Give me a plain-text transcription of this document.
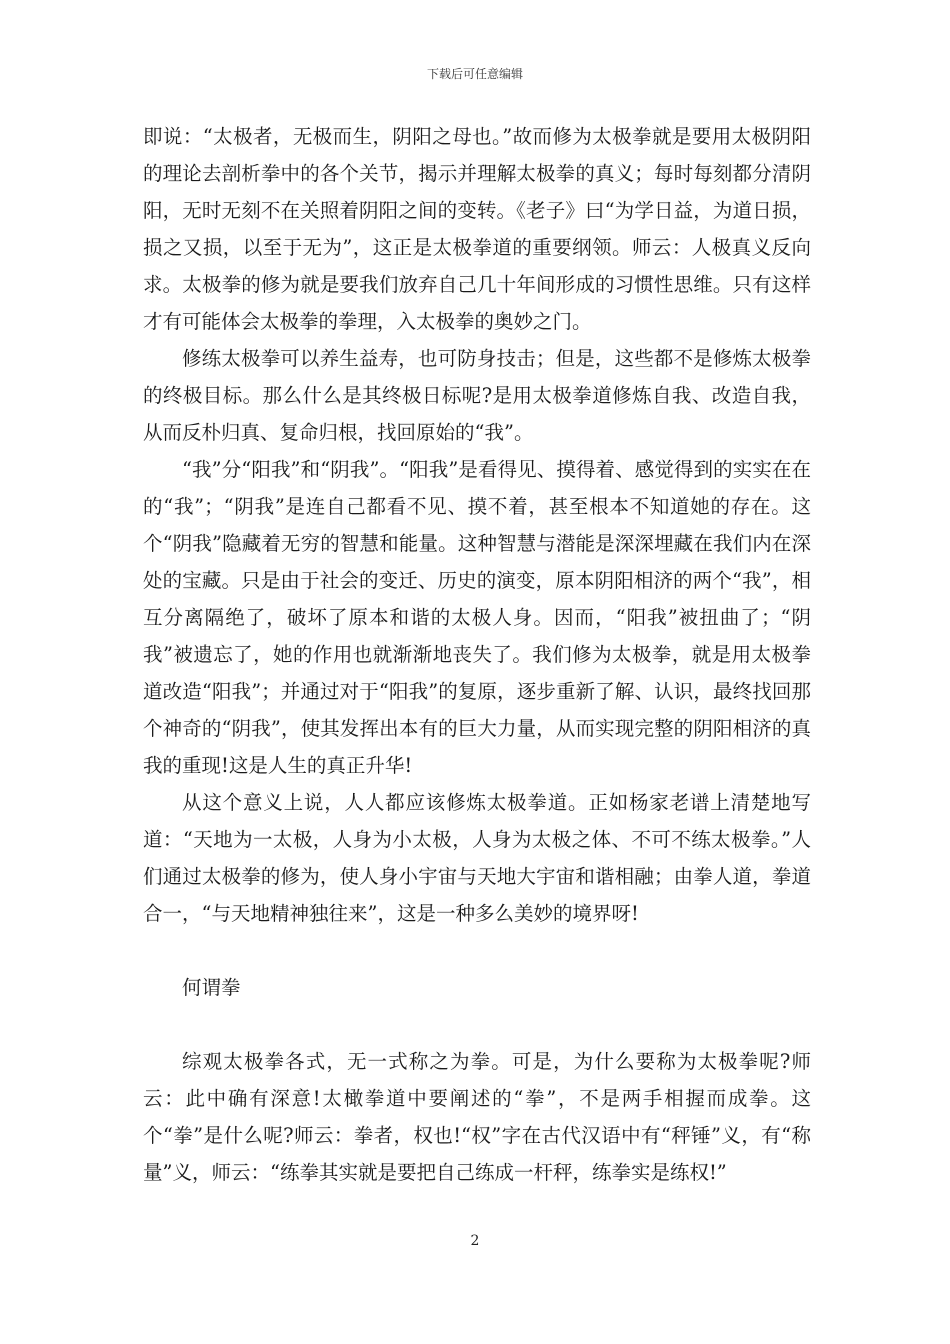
下载后可任意编辑

即说：“太极者，无极而生，阴阳之母也。”故而修为太极拳就是要用太极阴阳的理论去剖析拳中的各个关节，揭示并理解太极拳的真义；每时每刻都分清阴阳，无时无刻不在关照着阴阳之间的变转。《老子》曰“为学日益，为道日损，损之又损，以至于无为”，这正是太极拳道的重要纲领。师云：人极真义反向求。太极拳的修为就是要我们放弃自己几十年间形成的习惯性思维。只有这样才有可能体会太极拳的拳理，入太极拳的奥妙之门。

修练太极拳可以养生益寿，也可防身技击；但是，这些都不是修炼太极拳的终极目标。那么什么是其终极日标呢?是用太极拳道修炼自我、改造自我，从而反朴归真、复命归根，找回原始的“我”。

“我”分“阳我”和“阴我”。“阳我”是看得见、摸得着、感觉得到的实实在在的“我”；“阴我”是连自己都看不见、摸不着，甚至根本不知道她的存在。这个“阴我”隐藏着无穷的智慧和能量。这种智慧与潜能是深深埋藏在我们内在深处的宝藏。只是由于社会的变迁、历史的演变，原本阴阳相济的两个“我”，相互分离隔绝了，破坏了原本和谐的太极人身。因而，“阳我”被扭曲了；“阴我”被遗忘了，她的作用也就渐渐地丧失了。我们修为太极拳，就是用太极拳道改造“阳我”；并通过对于“阳我”的复原，逐步重新了解、认识，最终找回那个神奇的“阴我”，使其发挥出本有的巨大力量，从而实现完整的阴阳相济的真我的重现!这是人生的真正升华!

从这个意义上说，人人都应该修炼太极拳道。正如杨家老谱上清楚地写道：“天地为一太极，人身为小太极，人身为太极之体、不可不练太极拳。”人们通过太极拳的修为，使人身小宇宙与天地大宇宙和谐相融；由拳人道，拳道合一，“与天地精神独往来”，这是一种多么美妙的境界呀!

何谓拳

综观太极拳各式，无一式称之为拳。可是，为什么要称为太极拳呢?师云：此中确有深意!太橄拳道中要阐述的“拳”，不是两手相握而成拳。这个“拳”是什么呢?师云：拳者，权也!“权”字在古代汉语中有“秤锤”义，有“称量”义，师云：“练拳其实就是要把自己练成一杆秤，练拳实是练权!”

2
